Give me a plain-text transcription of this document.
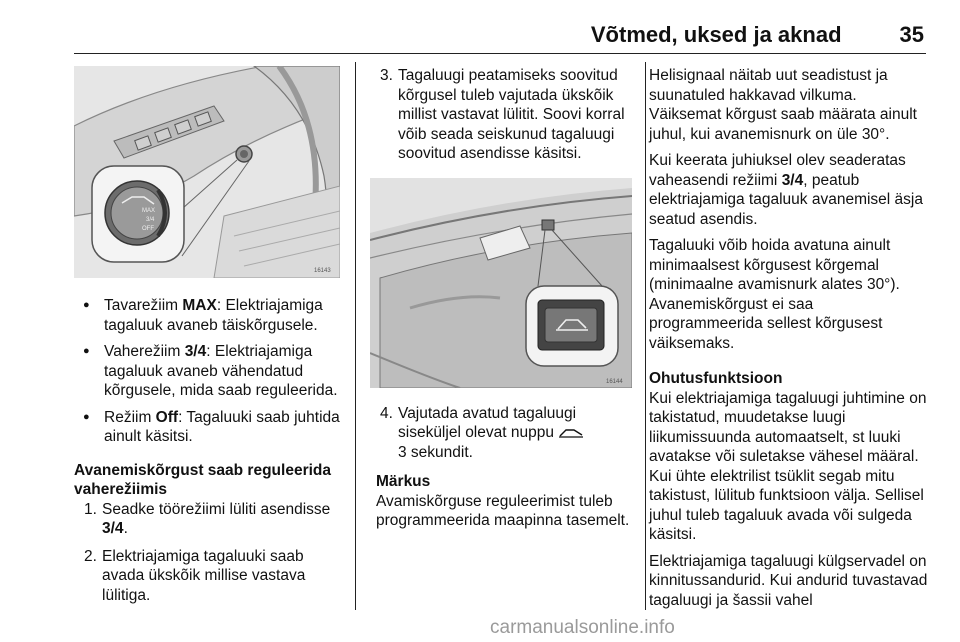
Võtmed, uksed ja aknad	35
MAX
3/4
OFF
16143
● Tavarežiim MAX: Elektriajamiga tagaluuk avaneb täiskõrgusele.
● Vaherežiim 3/4: Elektriajamiga tagaluuk avaneb vähendatud kõrgusele, mida saab reguleerida.
● Režiim Off: Tagaluuki saab juhtida ainult käsitsi.

Avanemiskõrgust saab reguleerida vaherežiimis

1. Seadke töörežiimi lüliti asendisse 3/4.
2. Elektriajamiga tagaluuki saab avada ükskõik millise vastava lülitiga.
3. Tagaluugi peatamiseks soovitud kõrgusel tuleb vajutada ükskõik millist vastavat lülitit. Soovi korral võib seada seiskunud tagaluugi soovitud asendisse käsitsi.
16144
4. Vajutada avatud tagaluugi siseküljel olevat nuppu
3 sekundit.

Märkus

Avamiskõrguse reguleerimist tuleb programmeerida maapinna tasemelt.

Helisignaal näitab uut seadistust ja suunatuled hakkavad vilkuma. Väiksemat kõrgust saab määrata ainult juhul, kui avanemisnurk on üle 30°.

Kui keerata juhiuksel olev seaderatas vaheasendi režiimi 3/4, peatub elektriajamiga tagaluuk avanemisel äsja seatud asendis.

Tagaluuki võib hoida avatuna ainult minimaalsest kõrgusest kõrgemal (minimaalne avamisnurk alates 30°). Avanemiskõrgust ei saa programmeerida sellest kõrgusest väiksemaks.

Ohutusfunktsioon

Kui elektriajamiga tagaluugi juhtimine on takistatud, muudetakse luugi liikumissuunda automaatselt, st luuki avatakse või suletakse vähesel määral. Kui ühte elektrilist tsüklit segab mitu takistust, lülitub funktsioon välja. Sellisel juhul tuleb tagaluuk avada või sulgeda käsitsi.

Elektriajamiga tagaluugi külgservadel on kinnitussandurid. Kui andurid tuvastavad tagaluugi ja šassii vahel

carmanualsonline.info
